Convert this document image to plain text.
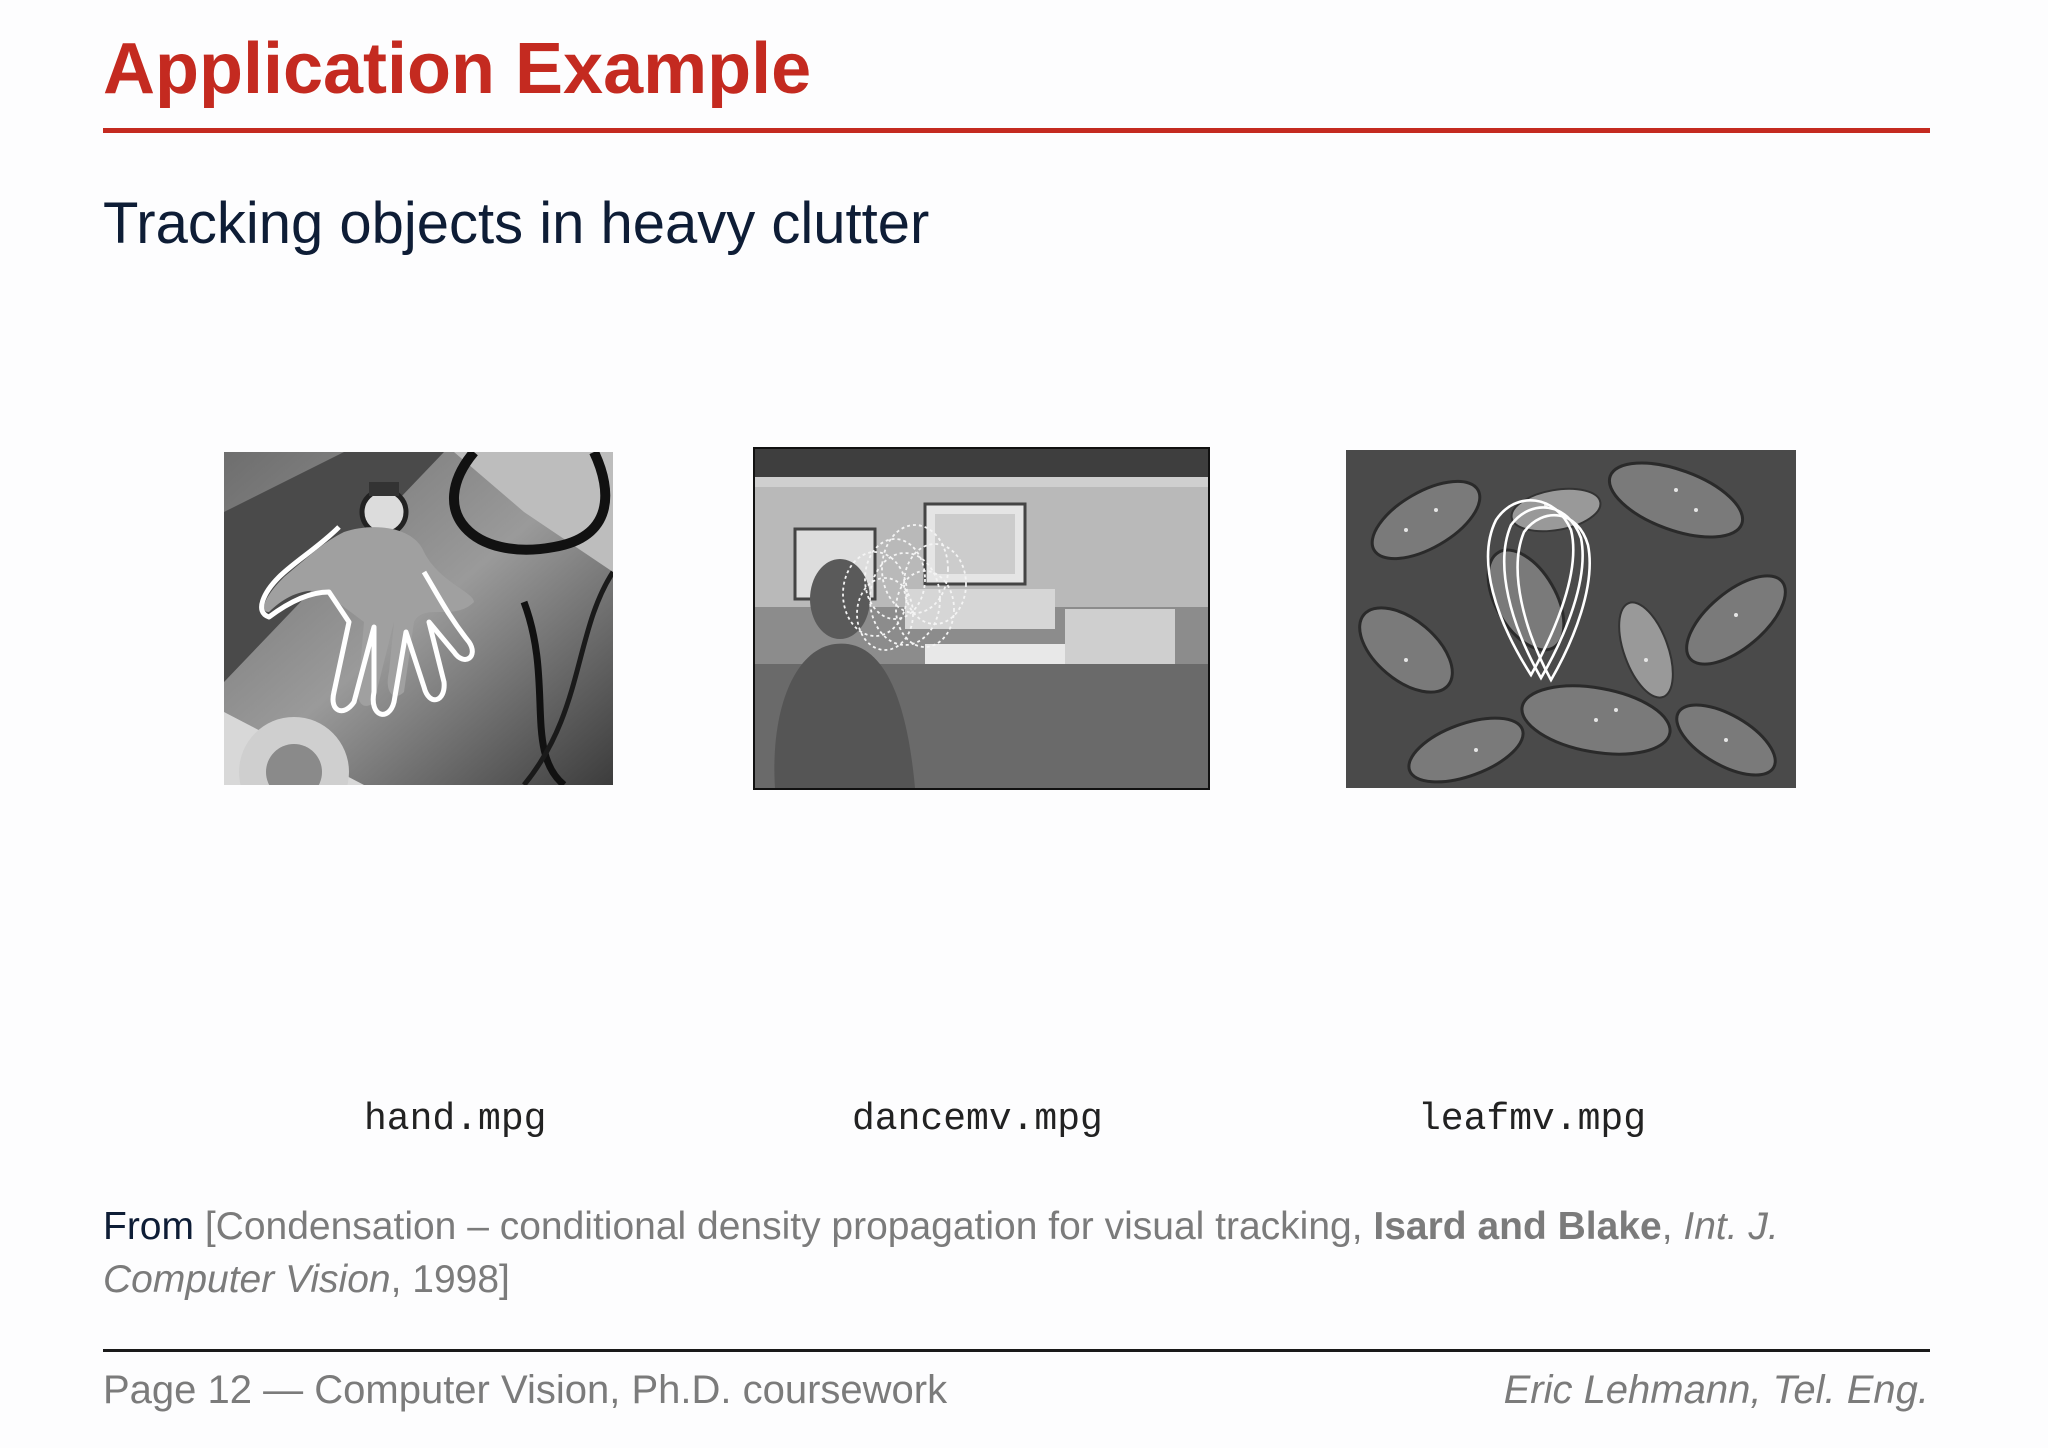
Application Example
Tracking objects in heavy clutter
hand.mpg	dancemv.mpg	leafmv.mpg
From [Condensation – conditional density propagation for visual tracking, Isard and Blake, Int. J. Computer Vision, 1998]
Page 12 — Computer Vision, Ph.D. coursework	Eric Lehmann, Tel. Eng.
